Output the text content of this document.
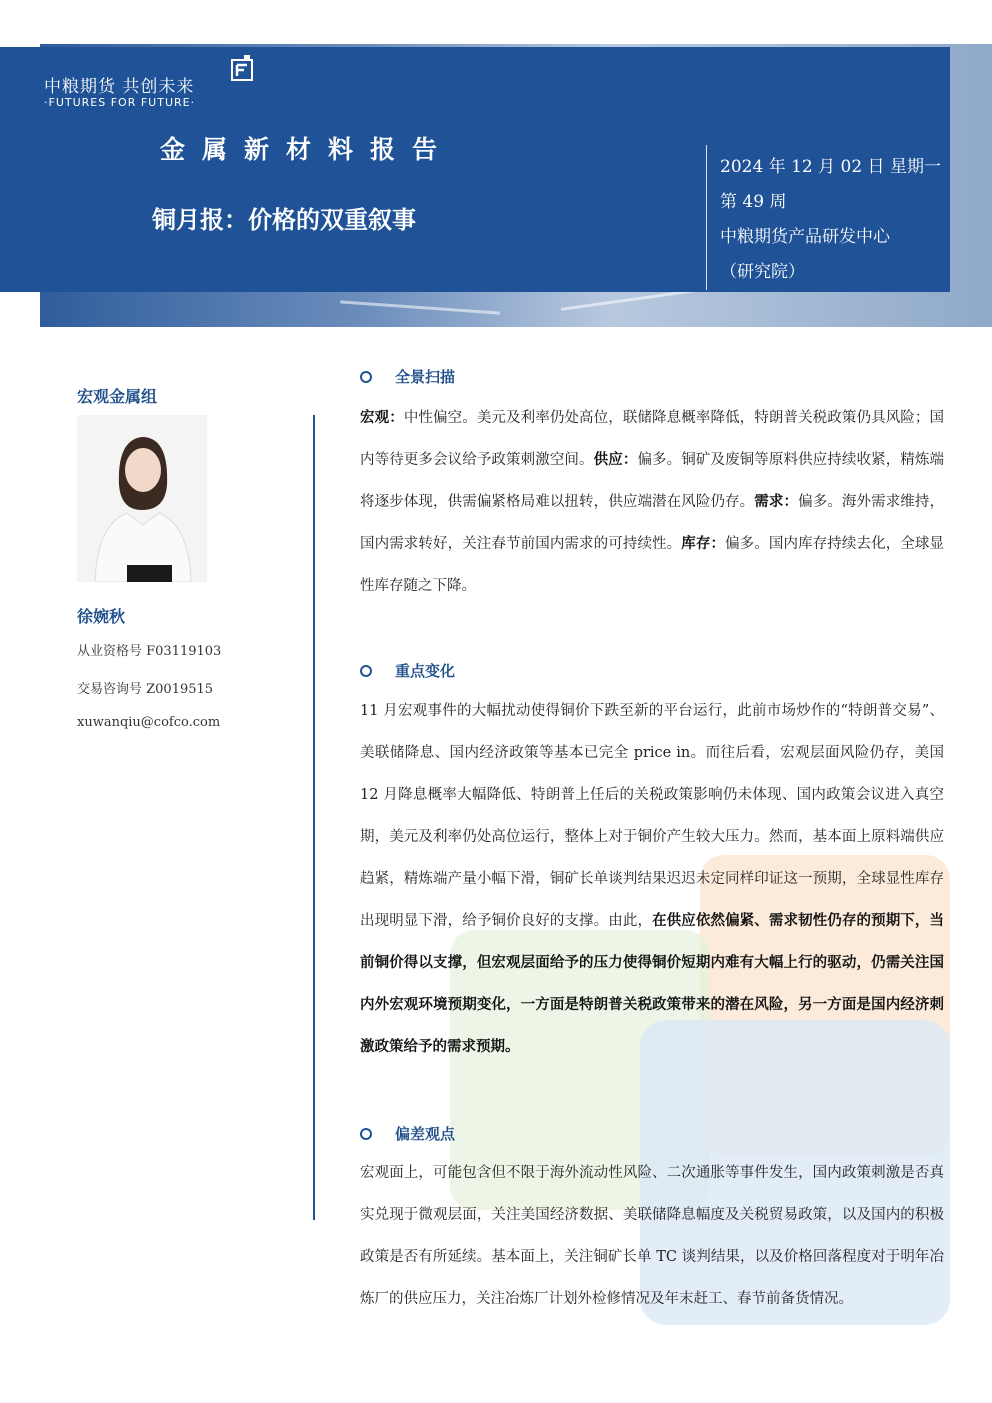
中粮期货 共创未来
·FUTURES FOR FUTURE·
金属新材料报告
铜月报：价格的双重叙事
2024 年 12 月 02 日 星期一
第 49 周
中粮期货产品研发中心
（研究院）
宏观金属组
徐婉秋
从业资格号 F03119103
交易咨询号 Z0019515
xuwanqiu@cofco.com
全景扫描
宏观：中性偏空。美元及利率仍处高位，联储降息概率降低，特朗普关税政策仍具风险；国内等待更多会议给予政策刺激空间。供应：偏多。铜矿及废铜等原料供应持续收紧，精炼端将逐步体现，供需偏紧格局难以扭转，供应端潜在风险仍存。需求：偏多。海外需求维持，国内需求转好，关注春节前国内需求的可持续性。库存：偏多。国内库存持续去化，全球显性库存随之下降。
重点变化
11 月宏观事件的大幅扰动使得铜价下跌至新的平台运行，此前市场炒作的“特朗普交易”、美联储降息、国内经济政策等基本已完全 price in。而往后看，宏观层面风险仍存，美国 12 月降息概率大幅降低、特朗普上任后的关税政策影响仍未体现、国内政策会议进入真空期，美元及利率仍处高位运行，整体上对于铜价产生较大压力。然而，基本面上原料端供应趋紧，精炼端产量小幅下滑，铜矿长单谈判结果迟迟未定同样印证这一预期，全球显性库存出现明显下滑，给予铜价良好的支撑。由此，在供应依然偏紧、需求韧性仍存的预期下，当前铜价得以支撑，但宏观层面给予的压力使得铜价短期内难有大幅上行的驱动，仍需关注国内外宏观环境预期变化，一方面是特朗普关税政策带来的潜在风险，另一方面是国内经济刺激政策给予的需求预期。
偏差观点
宏观面上，可能包含但不限于海外流动性风险、二次通胀等事件发生，国内政策刺激是否真实兑现于微观层面，关注美国经济数据、美联储降息幅度及关税贸易政策，以及国内的积极政策是否有所延续。基本面上，关注铜矿长单 TC 谈判结果，以及价格回落程度对于明年冶炼厂的供应压力，关注冶炼厂计划外检修情况及年末赶工、春节前备货情况。
